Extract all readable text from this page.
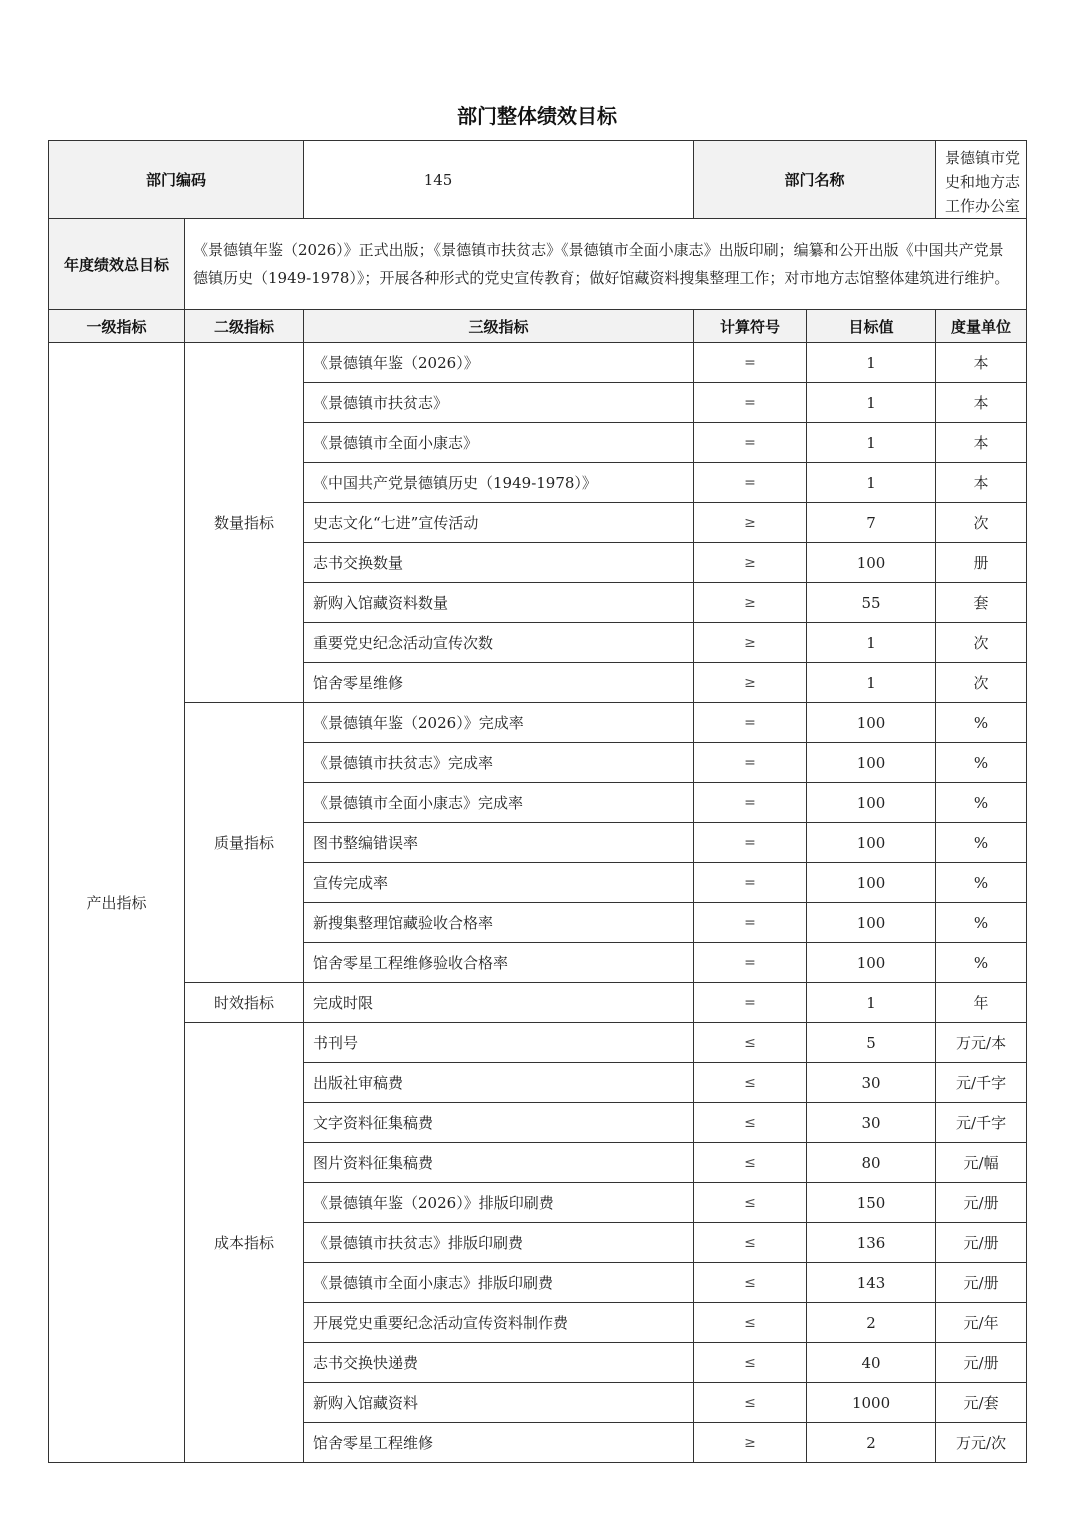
部门整体绩效目标
部门编码		145	部门名称		景德镇市党史和地方志工作办公室
年度绩效总目标	《景德镇年鉴（2026）》正式出版；《景德镇市扶贫志》《景德镇市全面小康志》出版印刷；编纂和公开出版《中国共产党景德镇历史（1949-1978）》；开展各种形式的党史宣传教育；做好馆藏资料搜集整理工作；对市地方志馆整体建筑进行维护。				
一级指标	二级指标	三级指标	计算符号	目标值	度量单位
产出指标	数量指标	《景德镇年鉴（2026）》	=	1	本
		《景德镇市扶贫志》	=	1	本
		《景德镇市全面小康志》	=	1	本
		《中国共产党景德镇历史（1949-1978）》	=	1	本
		史志文化“七进”宣传活动	≥	7	次
		志书交换数量	≥	100	册
		新购入馆藏资料数量	≥	55	套
		重要党史纪念活动宣传次数	≥	1	次
		馆舍零星维修	≥	1	次
	质量指标	《景德镇年鉴（2026）》完成率	=	100	%
		《景德镇市扶贫志》完成率	=	100	%
		《景德镇市全面小康志》完成率	=	100	%
		图书整编错误率	=	100	%
		宣传完成率	=	100	%
		新搜集整理馆藏验收合格率	=	100	%
		馆舍零星工程维修验收合格率	=	100	%
	时效指标	完成时限	=	1	年
	成本指标	书刊号	≤	5	万元/本
		出版社审稿费	≤	30	元/千字
		文字资料征集稿费	≤	30	元/千字
		图片资料征集稿费	≤	80	元/幅
		《景德镇年鉴（2026）》排版印刷费	≤	150	元/册
		《景德镇市扶贫志》排版印刷费	≤	136	元/册
		《景德镇市全面小康志》排版印刷费	≤	143	元/册
		开展党史重要纪念活动宣传资料制作费	≤	2	元/年
		志书交换快递费	≤	40	元/册
		新购入馆藏资料	≤	1000	元/套
		馆舍零星工程维修	≥	2	万元/次
